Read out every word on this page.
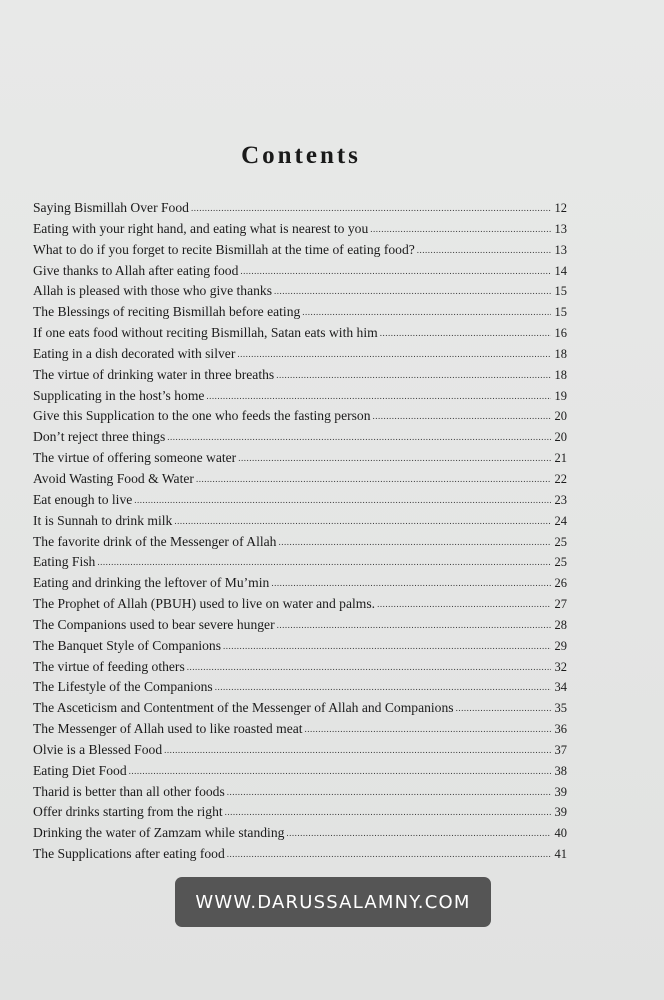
Contents
Saying Bismillah Over Food .....	12
Eating with your right hand, and eating what is nearest to you .....	13
What to do if you forget to recite Bismillah at the time of eating food? .....	13
Give thanks to Allah after eating food .....	14
Allah is pleased with those who give thanks .....	15
The Blessings of reciting Bismillah before eating .....	15
If one eats food without reciting Bismillah, Satan eats with him .....	16
Eating in a dish decorated with silver .....	18
The virtue of drinking water in three breaths .....	18
Supplicating in the host’s home .....	19
Give this Supplication to the one who feeds the fasting person .....	20
Don’t reject three things .....	20
The virtue of offering someone water .....	21
Avoid Wasting Food & Water .....	22
Eat enough to live .....	23
It is Sunnah to drink milk .....	24
The favorite drink of the Messenger of Allah .....	25
Eating Fish .....	25
Eating and drinking the leftover of Mu’min .....	26
The Prophet of Allah (PBUH) used to live on water and palms. .....	27
The Companions used to bear severe hunger .....	28
The Banquet Style of Companions .....	29
The virtue of feeding others .....	32
The Lifestyle of the Companions .....	34
The Asceticism and Contentment of the Messenger of Allah and Companions .....	35
The Messenger of Allah used to like roasted meat .....	36
Olvie is a Blessed Food .....	37
Eating Diet Food .....	38
Tharid is better than all other foods .....	39
Offer drinks starting from the right .....	39
Drinking the water of Zamzam while standing .....	40
The Supplications after eating food .....	41
WWW.DARUSSALAMNY.COM
